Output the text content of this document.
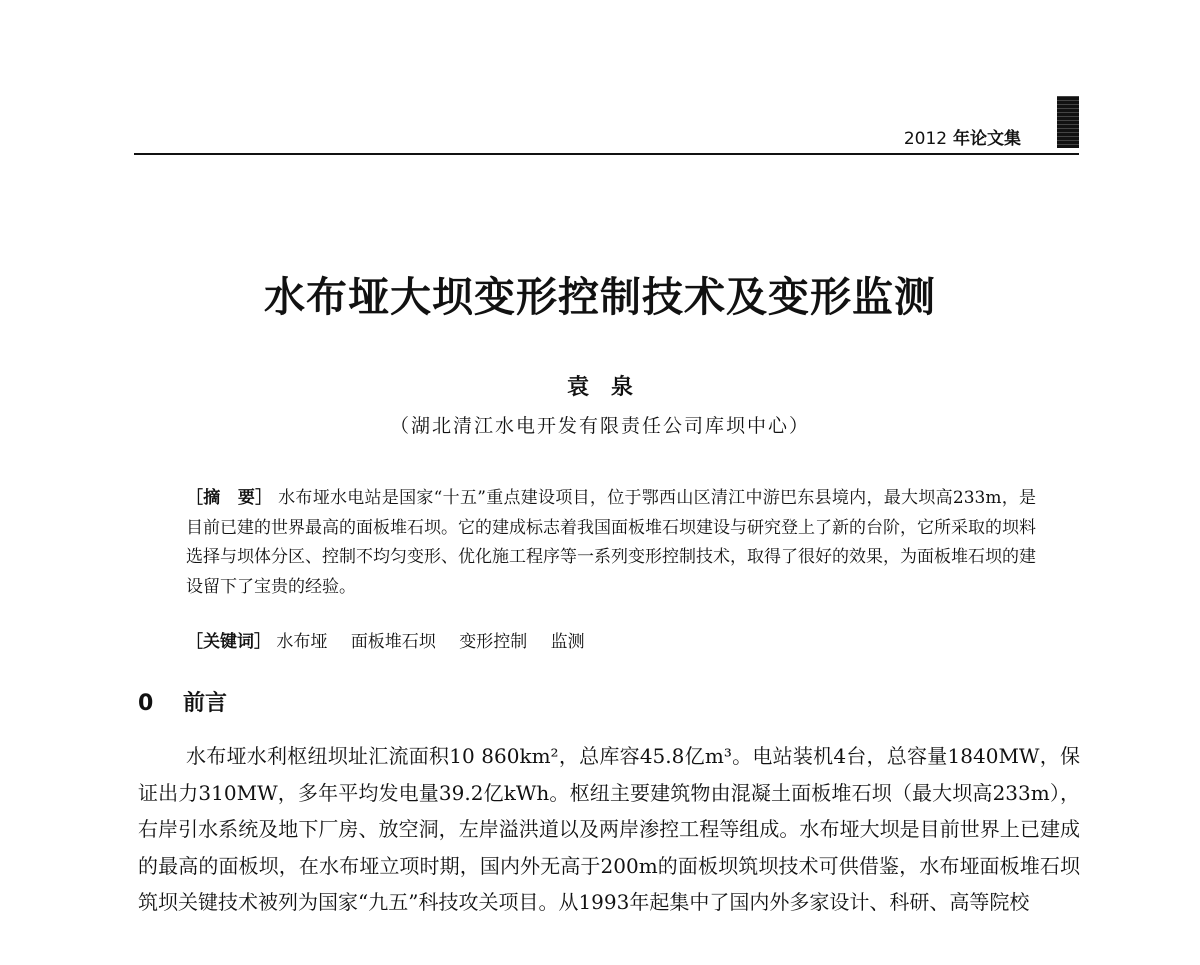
2012 年论文集
水布垭大坝变形控制技术及变形监测
袁泉
（湖北清江水电开发有限责任公司库坝中心）
［摘　要］ 水布垭水电站是国家“十五”重点建设项目，位于鄂西山区清江中游巴东县境内，最大坝高233m，是目前已建的世界最高的面板堆石坝。它的建成标志着我国面板堆石坝建设与研究登上了新的台阶，它所采取的坝料选择与坝体分区、控制不均匀变形、优化施工程序等一系列变形控制技术，取得了很好的效果，为面板堆石坝的建设留下了宝贵的经验。
［关键词］ 水布垭 面板堆石坝 变形控制 监测
0 前言
水布垭水利枢纽坝址汇流面积10 860km²，总库容45.8亿m³。电站装机4台，总容量1840MW，保证出力310MW，多年平均发电量39.2亿kWh。枢纽主要建筑物由混凝土面板堆石坝（最大坝高233m），右岸引水系统及地下厂房、放空洞，左岸溢洪道以及两岸渗控工程等组成。水布垭大坝是目前世界上已建成的最高的面板坝，在水布垭立项时期，国内外无高于200m的面板坝筑坝技术可供借鉴，水布垭面板堆石坝筑坝关键技术被列为国家“九五”科技攻关项目。从1993年起集中了国内外多家设计、科研、高等院校
